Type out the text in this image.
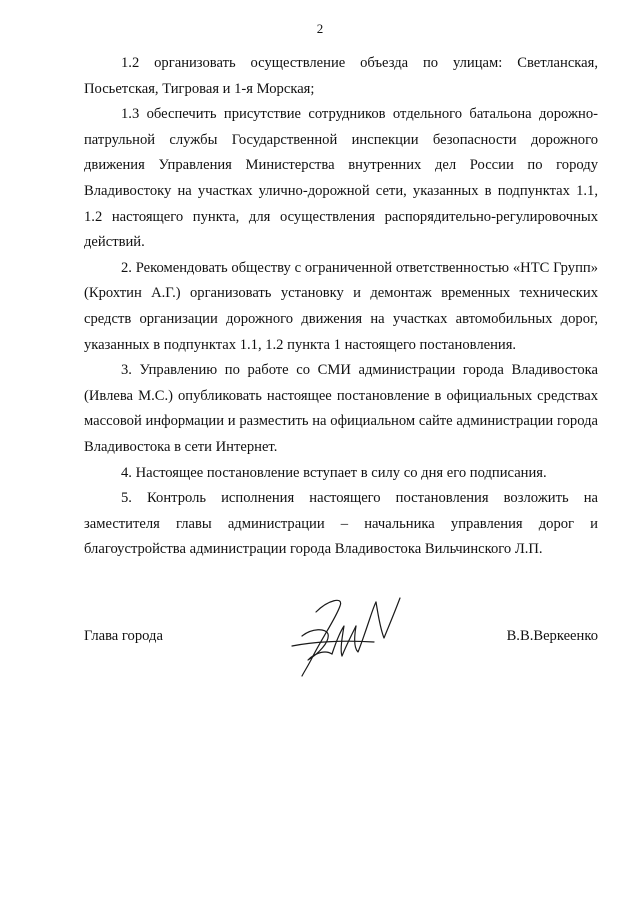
2

1.2 организовать осуществление объезда по улицам: Светланская, Посьетская, Тигровая и 1-я Морская;

1.3 обеспечить присутствие сотрудников отдельного батальона дорожно-патрульной службы Государственной инспекции безопасности дорожного движения Управления Министерства внутренних дел России по городу Владивостоку на участках улично-дорожной сети, указанных в подпунктах 1.1, 1.2 настоящего пункта, для осуществления распорядительно-регулировочных действий.

2. Рекомендовать обществу с ограниченной ответственностью «НТС Групп» (Крохтин А.Г.) организовать установку и демонтаж временных технических средств организации дорожного движения на участках автомобильных дорог, указанных в подпунктах 1.1, 1.2 пункта 1 настоящего постановления.

3. Управлению по работе со СМИ администрации города Владивостока (Ивлева М.С.) опубликовать настоящее постановление в официальных средствах массовой информации и разместить на официальном сайте администрации города Владивостока в сети Интернет.

4. Настоящее постановление вступает в силу со дня его подписания.

5. Контроль исполнения настоящего постановления возложить на заместителя главы администрации – начальника управления дорог и благоустройства администрации города Владивостока Вильчинского Л.П.

Глава города	В.В.Веркеенко
